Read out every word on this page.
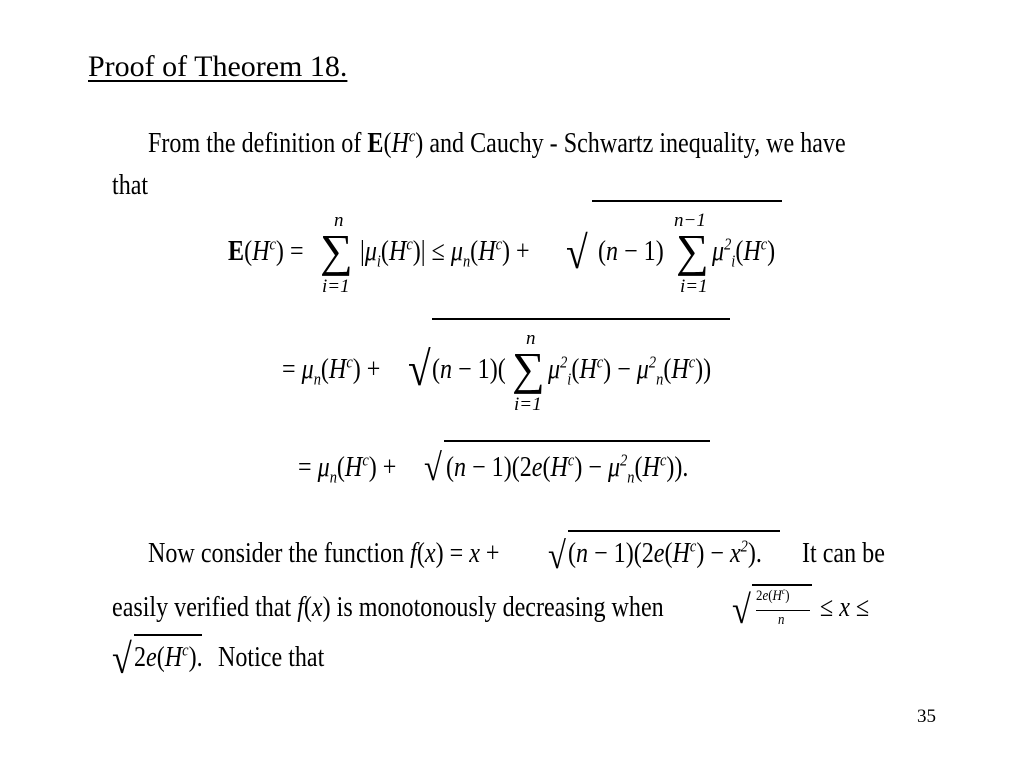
Proof of Theorem 18.
From the definition of $E(H^c)$ and Cauchy - Schwartz inequality, we have
that
$E(H^c)$ =
n
∑
i=1
$|\mu_i(H^c)| \le \mu_n(H^c)$ + √ (n − 1)
n−1
∑
i=1
$\mu^2_i(H^c)$
= $\mu_n(H^c)$ + √ (n − 1)(
n
∑
i=1
$\mu^2_i(H^c) - \mu^2_n(H^c)$)
= $\mu_n(H^c)$ + √ $(n - 1)(2e(H^c) - \mu^2_n(H^c))$.
Now consider the function f(x) = x + √ $(n - 1)(2e(H^c) - x^2)$. It can be
easily verified that f(x) is monotonously decreasing when √ $2e(H^c)$
n ≤ x ≤
√ $2e(H^c)$. Notice that
35
